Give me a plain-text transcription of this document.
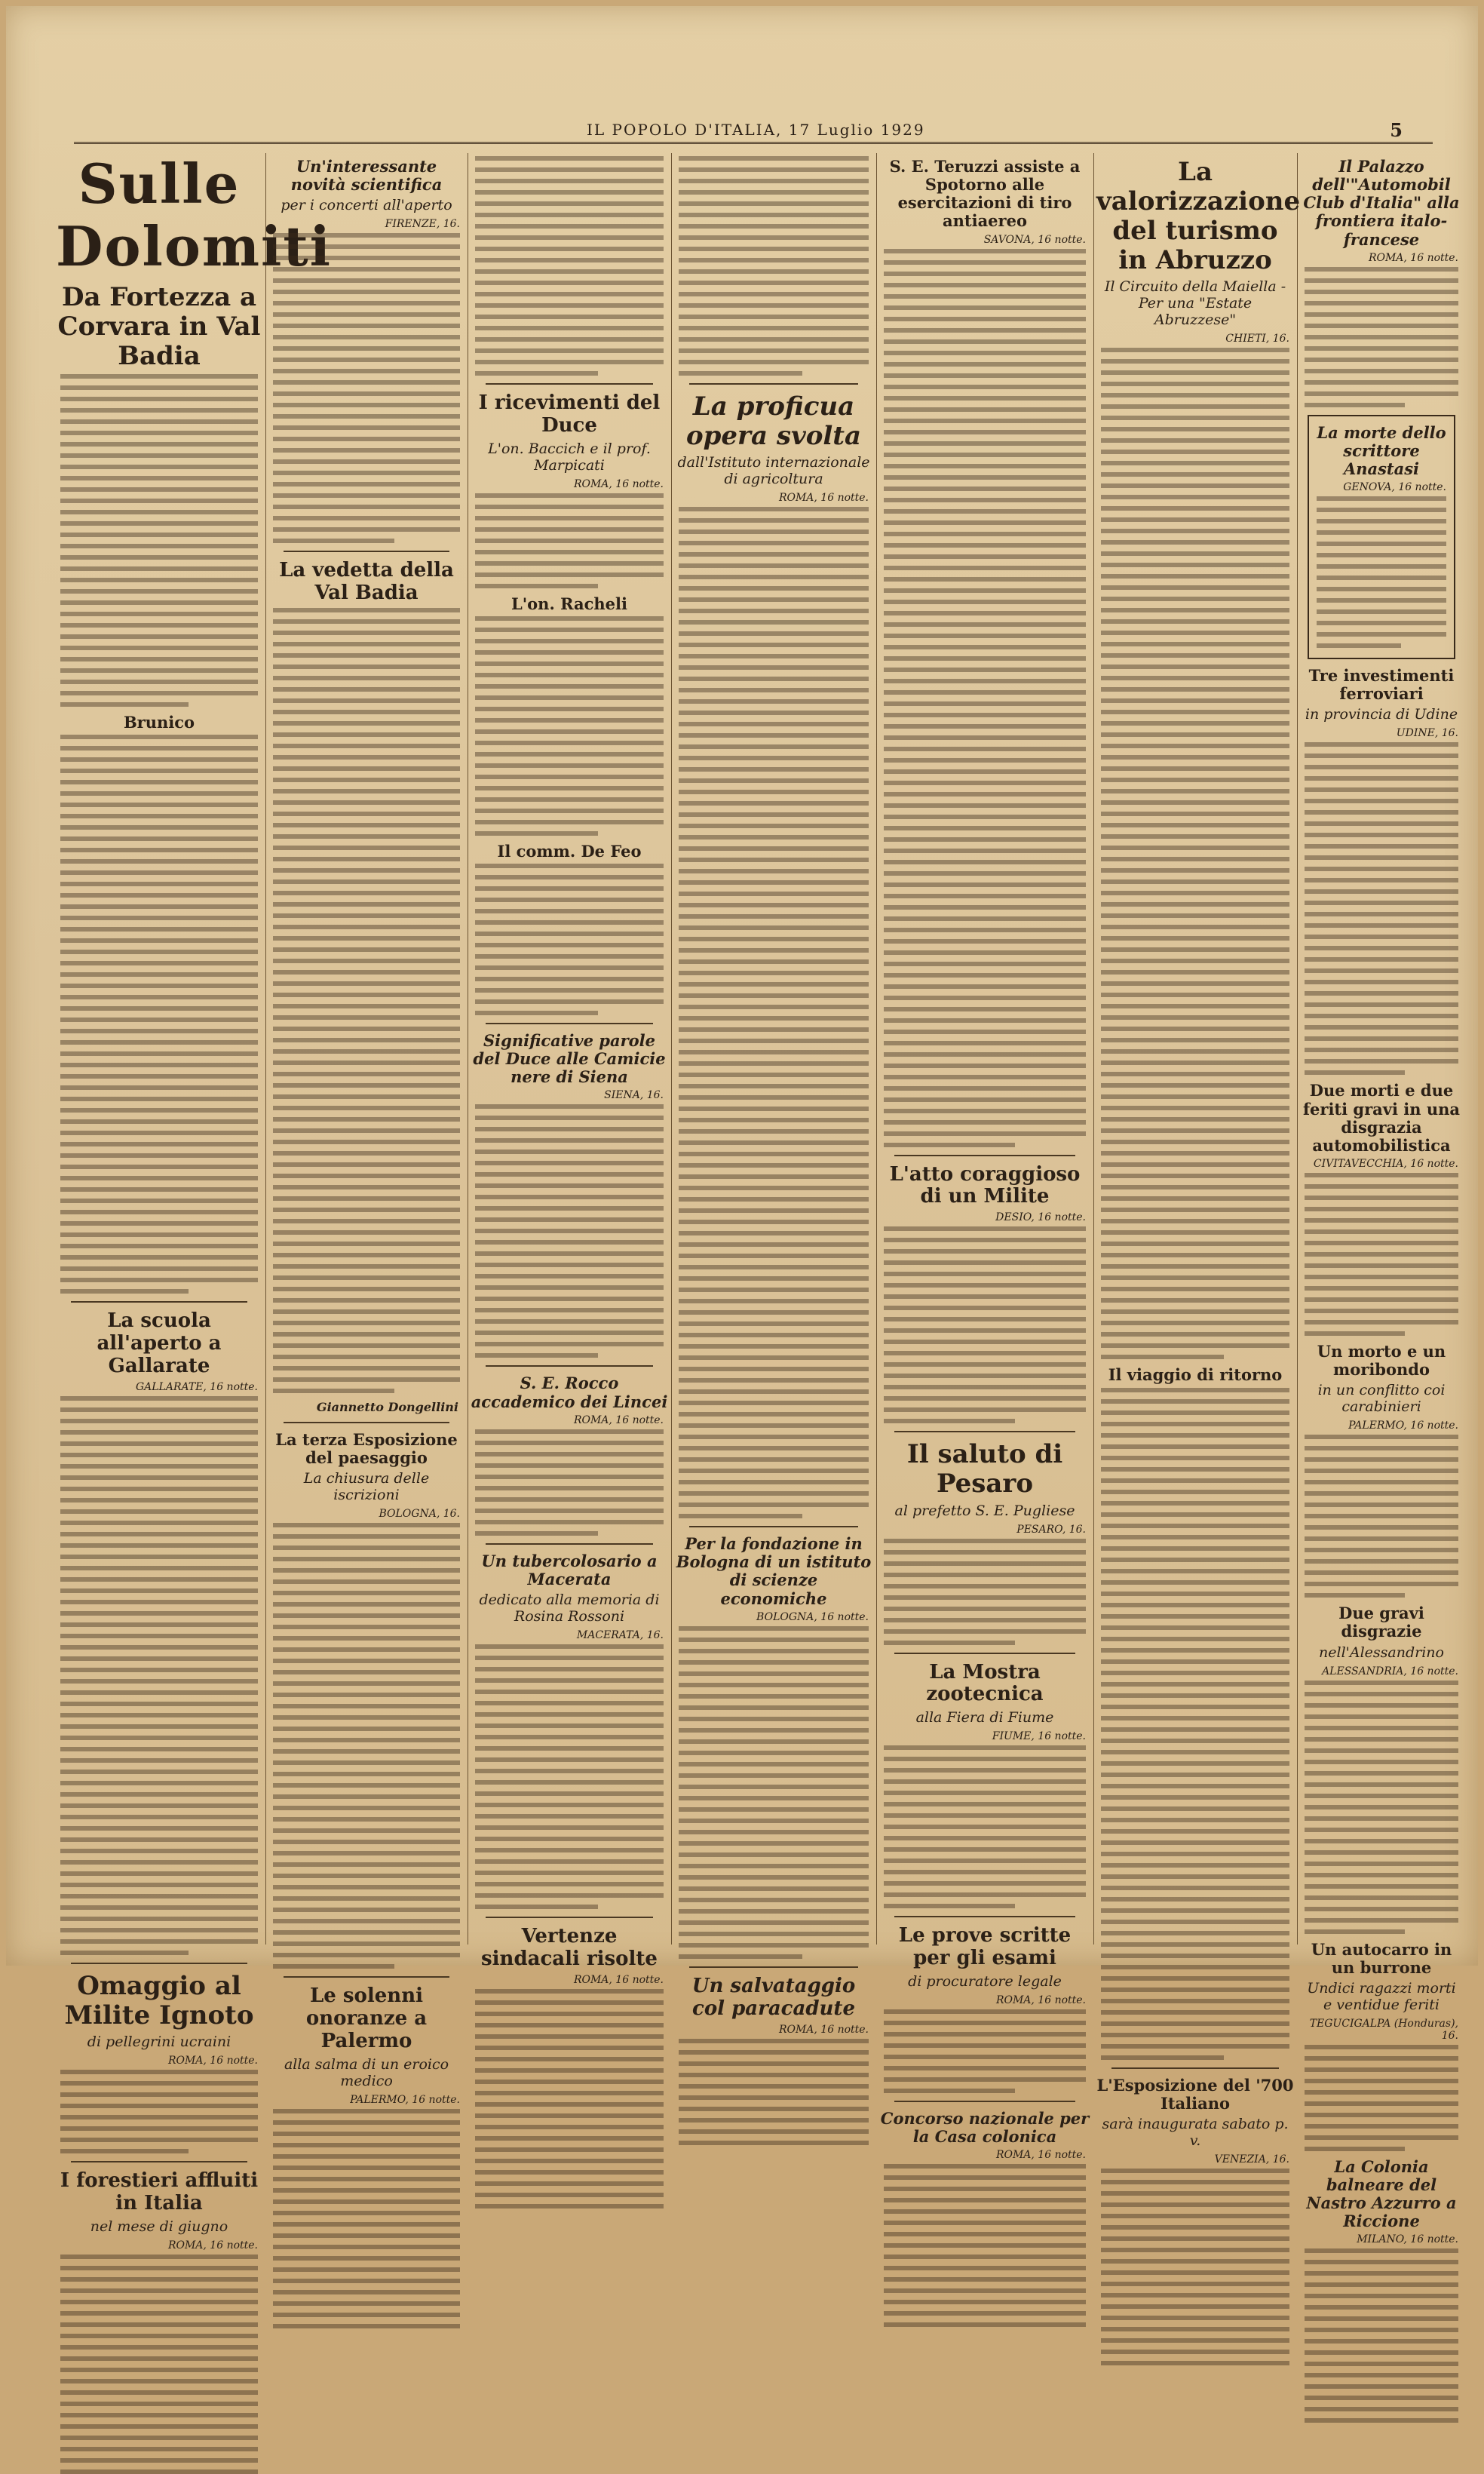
IL POPOLO D'ITALIA, 17 Luglio 1929	5
Sulle Dolomiti
Da Fortezza a Corvara in Val Badia
Brunico
La scuola all'aperto a Gallarate
GALLARATE, 16 notte.
Omaggio al Milite Ignoto
di pellegrini ucraini
ROMA, 16 notte.
I forestieri affluiti in Italia
nel mese di giugno
ROMA, 16 notte.
Un'interessante novità scientifica
per i concerti all'aperto
FIRENZE, 16.
La vedetta della Val Badia
Giannetto Dongellini
La terza Esposizione del paesaggio
La chiusura delle iscrizioni
BOLOGNA, 16.
Le solenni onoranze a Palermo
alla salma di un eroico medico
PALERMO, 16 notte.
I ricevimenti del Duce
L'on. Baccich e il prof. Marpicati
ROMA, 16 notte.
L'on. Racheli
Il comm. De Feo
Significative parole del Duce alle Camicie nere di Siena
SIENA, 16.
S. E. Rocco accademico dei Lincei
ROMA, 16 notte.
Un tubercolosario a Macerata
dedicato alla memoria di Rosina Rossoni
MACERATA, 16.
Vertenze sindacali risolte
ROMA, 16 notte.
La proficua opera svolta
dall'Istituto internazionale di agricoltura
ROMA, 16 notte.
Per la fondazione in Bologna di un istituto di scienze economiche
BOLOGNA, 16 notte.
Un salvataggio col paracadute
ROMA, 16 notte.
S. E. Teruzzi assiste a Spotorno alle esercitazioni di tiro antiaereo
SAVONA, 16 notte.
L'atto coraggioso di un Milite
DESIO, 16 notte.
Il saluto di Pesaro
al prefetto S. E. Pugliese
PESARO, 16.
La Mostra zootecnica
alla Fiera di Fiume
FIUME, 16 notte.
Le prove scritte per gli esami
di procuratore legale
ROMA, 16 notte.
Concorso nazionale per la Casa colonica
ROMA, 16 notte.
La valorizzazione del turismo in Abruzzo
Il Circuito della Maiella - Per una "Estate Abruzzese"
CHIETI, 16.
Il viaggio di ritorno
L'Esposizione del '700 Italiano
sarà inaugurata sabato p. v.
VENEZIA, 16.
Il Palazzo dell'"Automobil Club d'Italia" alla frontiera italo-francese
ROMA, 16 notte.
La morte dello scrittore Anastasi
GENOVA, 16 notte.
Tre investimenti ferroviari
in provincia di Udine
UDINE, 16.
Due morti e due feriti gravi in una disgrazia automobilistica
CIVITAVECCHIA, 16 notte.
Un morto e un moribondo
in un conflitto coi carabinieri
PALERMO, 16 notte.
Due gravi disgrazie
nell'Alessandrino
ALESSANDRIA, 16 notte.
Un autocarro in un burrone
Undici ragazzi morti e ventidue feriti
TEGUCIGALPA (Honduras), 16.
La Colonia balneare del Nastro Azzurro a Riccione
MILANO, 16 notte.
